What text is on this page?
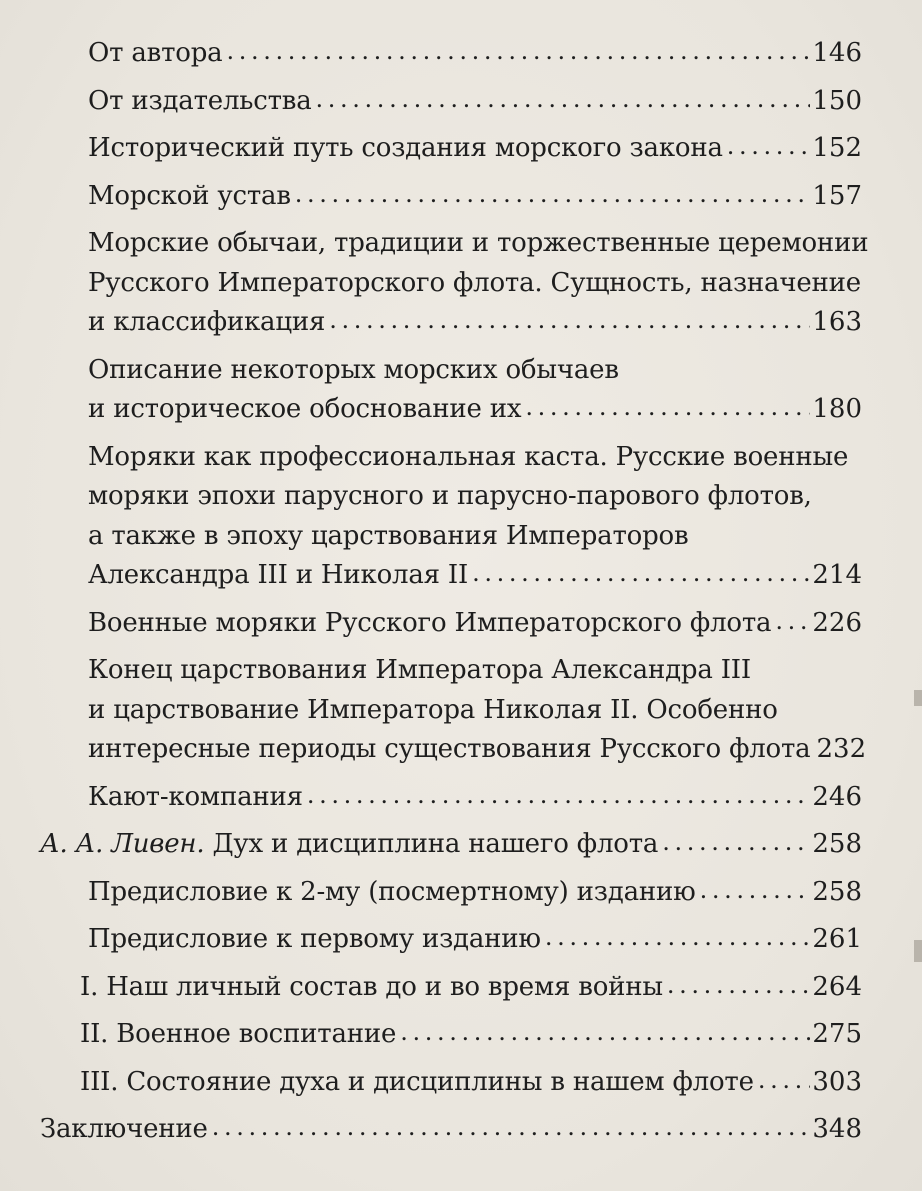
От автора . . .	146
От издательства . . .	150
Исторический путь создания морского закона . . .	152
Морской устав . . .	157
Морские обычаи, традиции и торжественные церемонии
Русского Императорского флота. Сущность, назначение
и классификация . . .	163
Описание некоторых морских обычаев
и историческое обоснование их . . .	180
Моряки как профессиональная каста. Русские военные
моряки эпохи парусного и парусно-парового флотов,
а также в эпоху царствования Императоров
Александра III и Николая II . . .	214
Военные моряки Русского Императорского флота . . . 226
Конец царствования Императора Александра III
и царствование Императора Николая II. Особенно
интересные периоды существования Русского флота 232
Кают-компания . . .	246
А. А. Ливен. Дух и дисциплина нашего флота . . .	258
Предисловие к 2-му (посмертному) изданию . . .	258
Предисловие к первому изданию . . .	261
I. Наш личный состав до и во время войны . . .	264
II. Военное воспитание . . .	275
III. Состояние духа и дисциплины в нашем флоте . . . 303
Заключение . . .	348
